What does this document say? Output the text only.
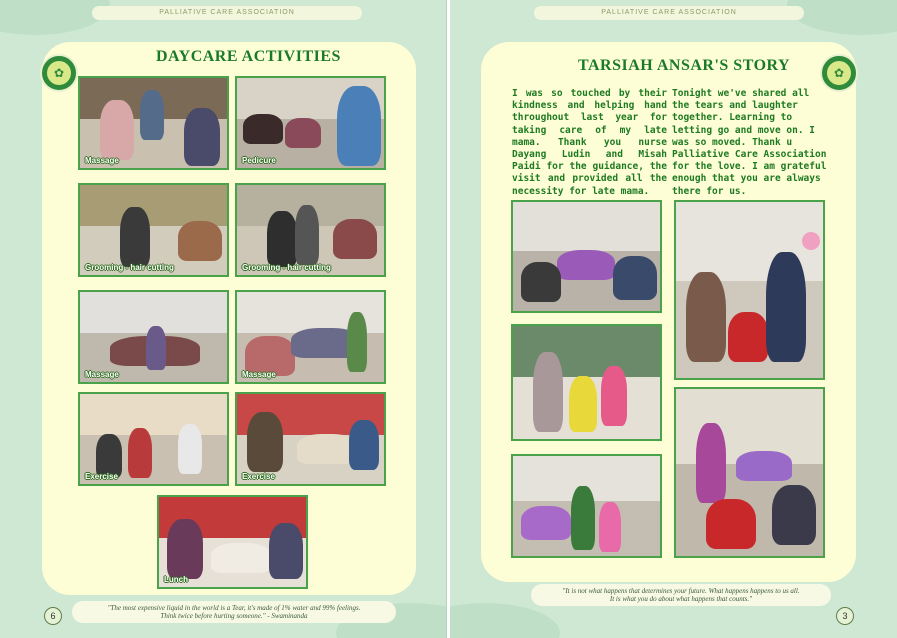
PALLIATIVE CARE ASSOCIATION
✿
DAYCARE ACTIVITIES
Massage	Pedicure
Grooming - hair cutting	Grooming - hair cutting
Massage	Massage
Exercise	Exercise
Lunch
"The most expensive liquid in the world is a Tear, it's made of 1% water and 99% feelings.
Think twice before hurting someone." - Swaminanda
6
PALLIATIVE CARE ASSOCIATION
✿
TARSIAH ANSAR'S STORY
I was so touched by their kindness and helping hand throughout last year for taking care of my late mama. Thank you nurse Dayang Ludin and Misah Paidi for the guidance, the visit and provided all the necessity for late mama.
Tonight we've shared all the tears and laughter together. Learning to letting go and move on. I was so moved. Thank u Palliative Care Association for the love. I am grateful enough that you are always there for us.
"It is not what happens that determines your future. What happens happens to us all.
It is what you do about what happens that counts."
3
